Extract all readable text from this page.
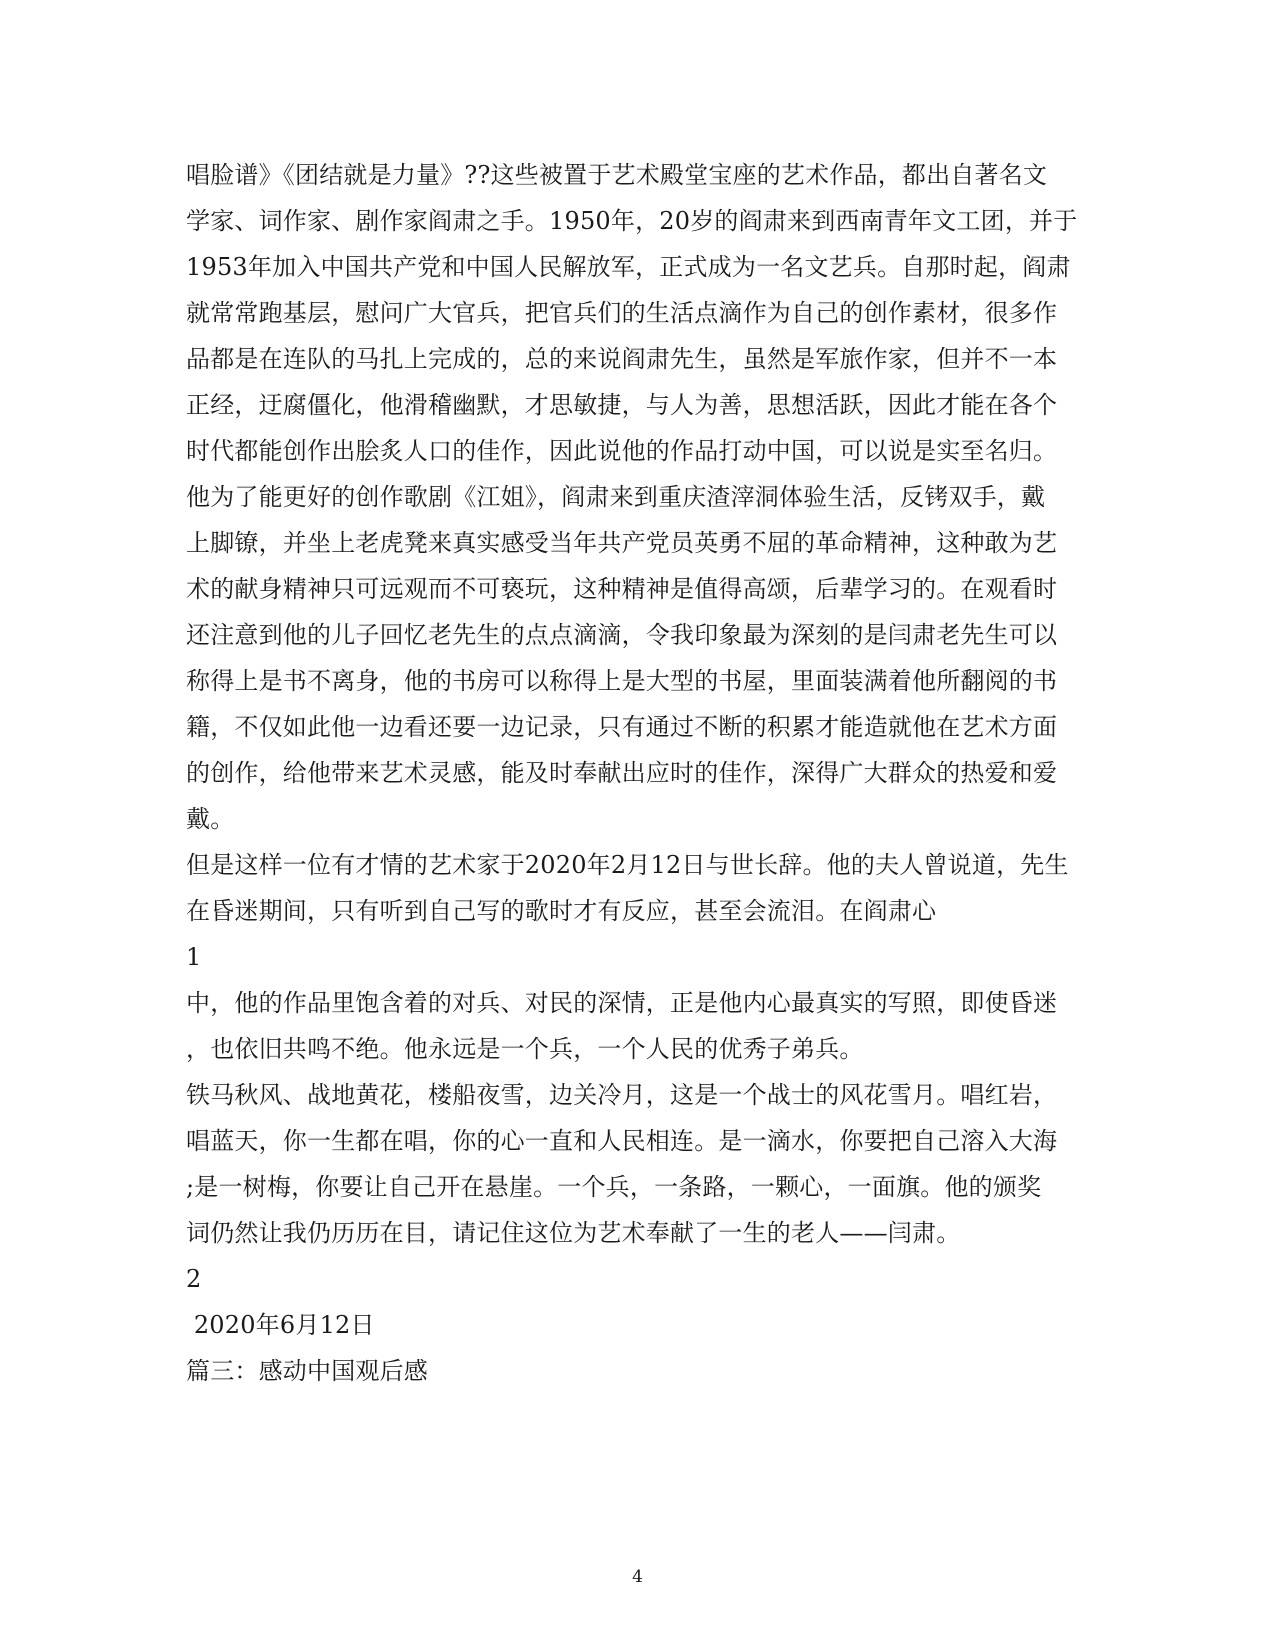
唱脸谱》《团结就是力量》??这些被置于艺术殿堂宝座的艺术作品，都出自著名文
学家、词作家、剧作家阎肃之手。1950年，20岁的阎肃来到西南青年文工团，并于
1953年加入中国共产党和中国人民解放军，正式成为一名文艺兵。自那时起，阎肃
就常常跑基层，慰问广大官兵，把官兵们的生活点滴作为自己的创作素材，很多作
品都是在连队的马扎上完成的，总的来说阎肃先生，虽然是军旅作家，但并不一本
正经，迂腐僵化，他滑稽幽默，才思敏捷，与人为善，思想活跃，因此才能在各个
时代都能创作出脍炙人口的佳作，因此说他的作品打动中国，可以说是实至名归。
他为了能更好的创作歌剧《江姐》，阎肃来到重庆渣滓洞体验生活，反铐双手，戴
上脚镣，并坐上老虎凳来真实感受当年共产党员英勇不屈的革命精神，这种敢为艺
术的献身精神只可远观而不可亵玩，这种精神是值得高颂，后辈学习的。在观看时
还注意到他的儿子回忆老先生的点点滴滴，令我印象最为深刻的是闫肃老先生可以
称得上是书不离身，他的书房可以称得上是大型的书屋，里面装满着他所翻阅的书
籍，不仅如此他一边看还要一边记录，只有通过不断的积累才能造就他在艺术方面
的创作，给他带来艺术灵感，能及时奉献出应时的佳作，深得广大群众的热爱和爱
戴。
但是这样一位有才情的艺术家于2020年2月12日与世长辞。他的夫人曾说道，先生
在昏迷期间，只有听到自己写的歌时才有反应，甚至会流泪。在阎肃心
1
中，他的作品里饱含着的对兵、对民的深情，正是他内心最真实的写照，即使昏迷
，也依旧共鸣不绝。他永远是一个兵，一个人民的优秀子弟兵。
铁马秋风、战地黄花，楼船夜雪，边关冷月，这是一个战士的风花雪月。唱红岩，
唱蓝天，你一生都在唱，你的心一直和人民相连。是一滴水，你要把自己溶入大海
;是一树梅，你要让自己开在悬崖。一个兵，一条路，一颗心，一面旗。他的颁奖
词仍然让我仍历历在目，请记住这位为艺术奉献了一生的老人——闫肃。
2
2020年6月12日
篇三：感动中国观后感
4
